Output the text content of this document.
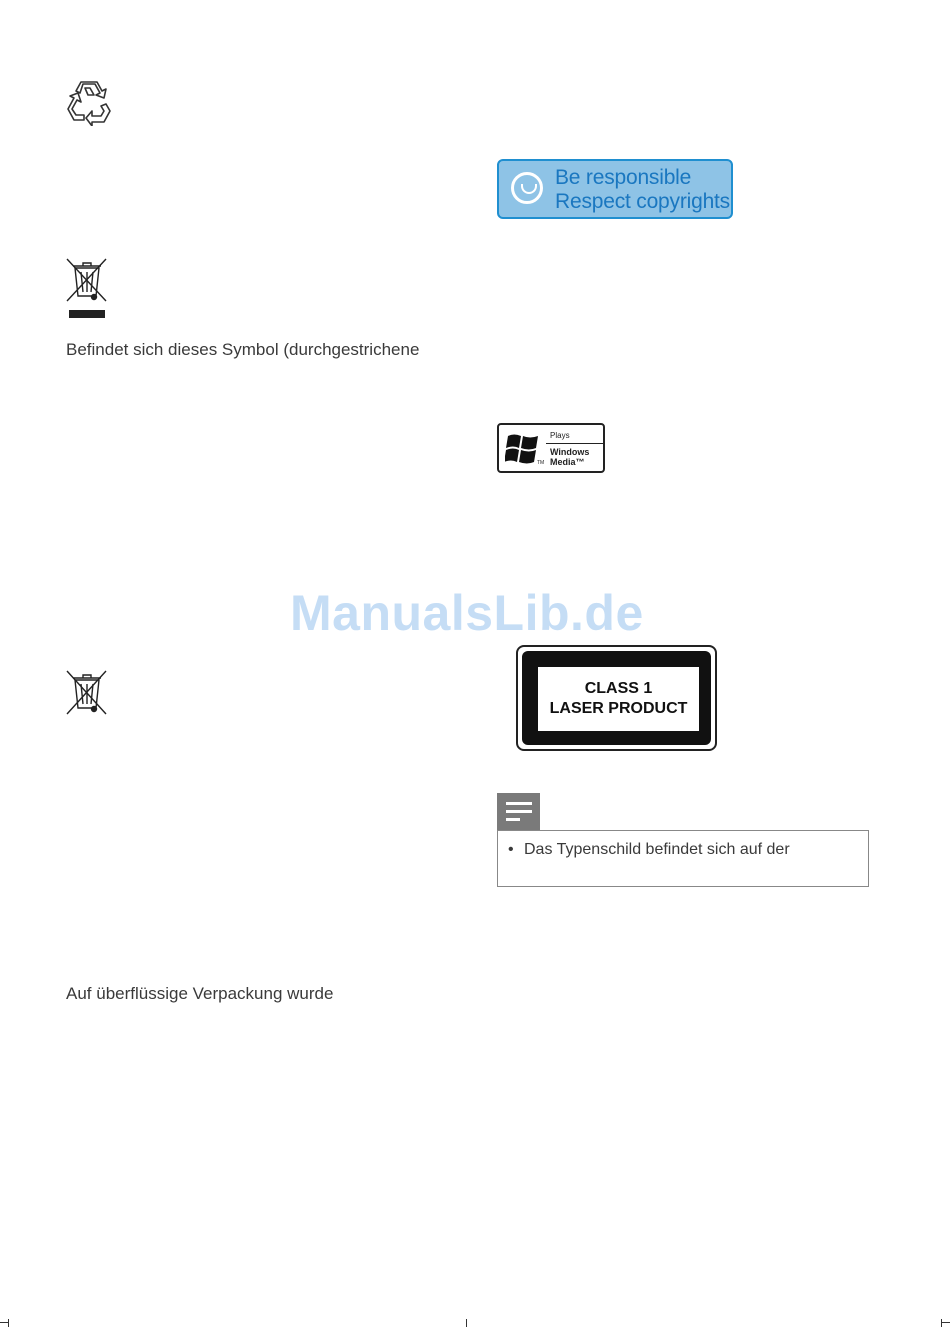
Befindet sich dieses Symbol (durchgestrichene
Auf überflüssige Verpackung wurde
Be responsible
Respect copyrights
TM
Plays
Windows
Media™
ManualsLib.de
CLASS 1
LASER PRODUCT
• Das Typenschild befindet sich auf der
